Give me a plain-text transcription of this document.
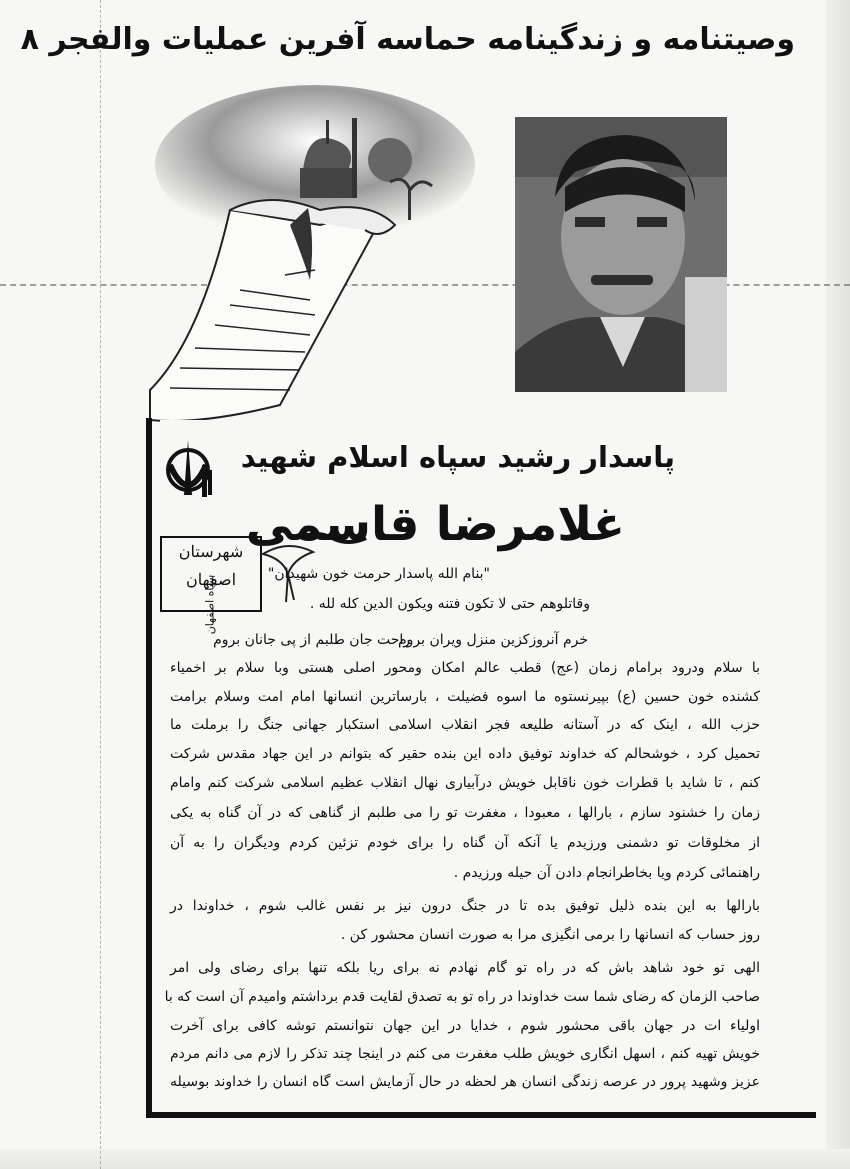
وصیتنامه و زندگینامه حماسه آفرین عملیات والفجر ۸
سپاه اصفهان
شهرستان
اصفهان
پاسدار رشید سپاه اسلام شهید
غلامرضا قاسمی
"بنام الله پاسدار حرمت خون شهیدان"
وقاتلوهم حتی لا تکون فتنه ویکون الدین کله لله .
خرم آنروزکزین منزل ویران بروم
راحت جان طلبم از پی جانان بروم
با سلام ودرود برامام زمان (عج) قطب عالم امکان ومحور اصلی هستی وبا سلام بر اخمیاء
کشنده خون حسین (ع) بپیرنستوه ما اسوه فضیلت ، بارساترین انسانها امام امت وسلام برامت
حزب الله ، اینک که در آستانه طلیعه فجر انقلاب اسلامی استکبار جهانی جنگ را برملت ما
تحمیل کرد ، خوشحالم که خداوند توفیق داده این بنده حقیر که بتوانم در این جهاد مقدس شرکت
کنم ، تا شاید با قطرات خون ناقابل خویش درآبیاری نهال انقلاب عظیم اسلامی شرکت کنم وامام
زمان را خشنود سازم ، بارالها ، معبودا ، مغفرت تو را می طلبم از گناهی که در آن گناه به یکی
از مخلوقات تو دشمنی ورزیدم یا آنکه آن گناه را برای خودم تزئین کردم ودیگران را به آن
راهنمائی کردم ویا بخاطرانجام دادن آن حیله ورزیدم .
بارالها به این بنده ذلیل توفیق بده تا در جنگ درون نیز بر نفس غالب شوم ، خداوندا در
روز حساب که انسانها را برمی انگیزی مرا به صورت انسان محشور کن .
الهی تو خود شاهد باش که در راه تو گام نهادم نه برای ریا بلکه تنها برای رضای ولی امر
صاحب الزمان که رضای شما ست خداوندا در راه تو به تصدق لقایت قدم برداشتم وامیدم آن است که با
اولیاء ات در جهان باقی محشور شوم ، خدایا در این جهان نتوانستم توشه کافی برای آخرت
خویش تهیه کنم ، اسهل انگاری خویش طلب مغفرت می کنم در اینجا چند تذکر را لازم می دانم مردم
عزیز وشهید پرور در عرصه زندگی انسان هر لحظه در حال آزمایش است گاه انسان را خداوند بوسیله
